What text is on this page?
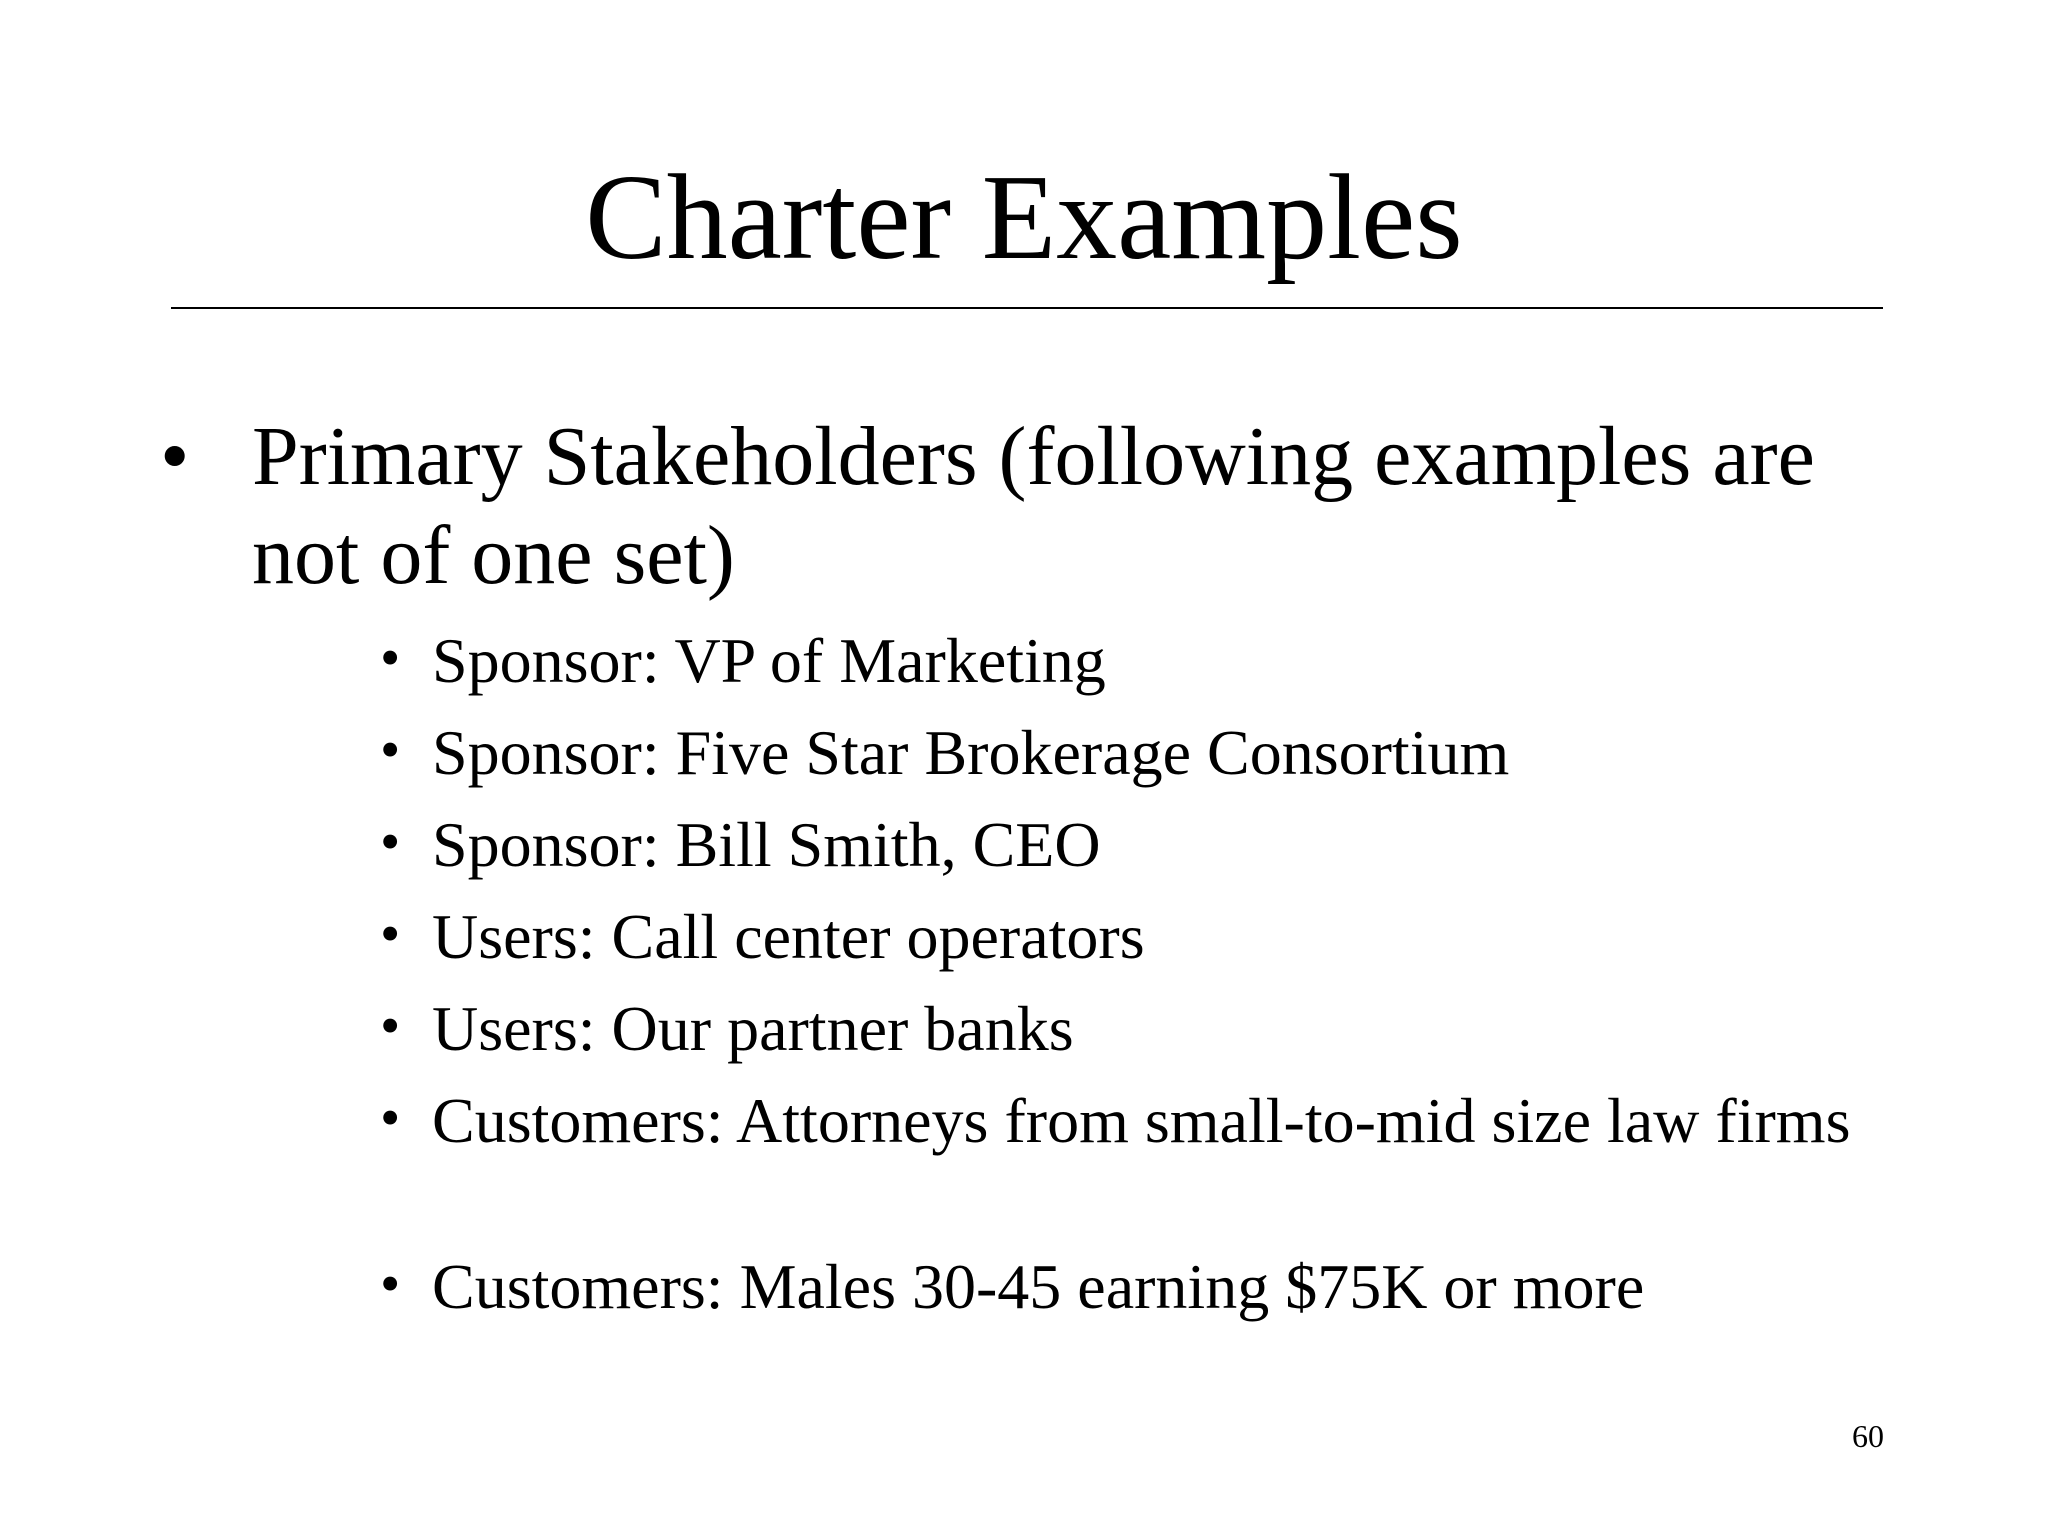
Charter Examples
• Primary Stakeholders (following examples are not of one set)
• Sponsor: VP of Marketing
• Sponsor: Five Star Brokerage Consortium
• Sponsor: Bill Smith, CEO
• Users: Call center operators
• Users: Our partner banks
• Customers: Attorneys from small-to-mid size law firms
• Customers: Males 30-45 earning $75K or more
60
